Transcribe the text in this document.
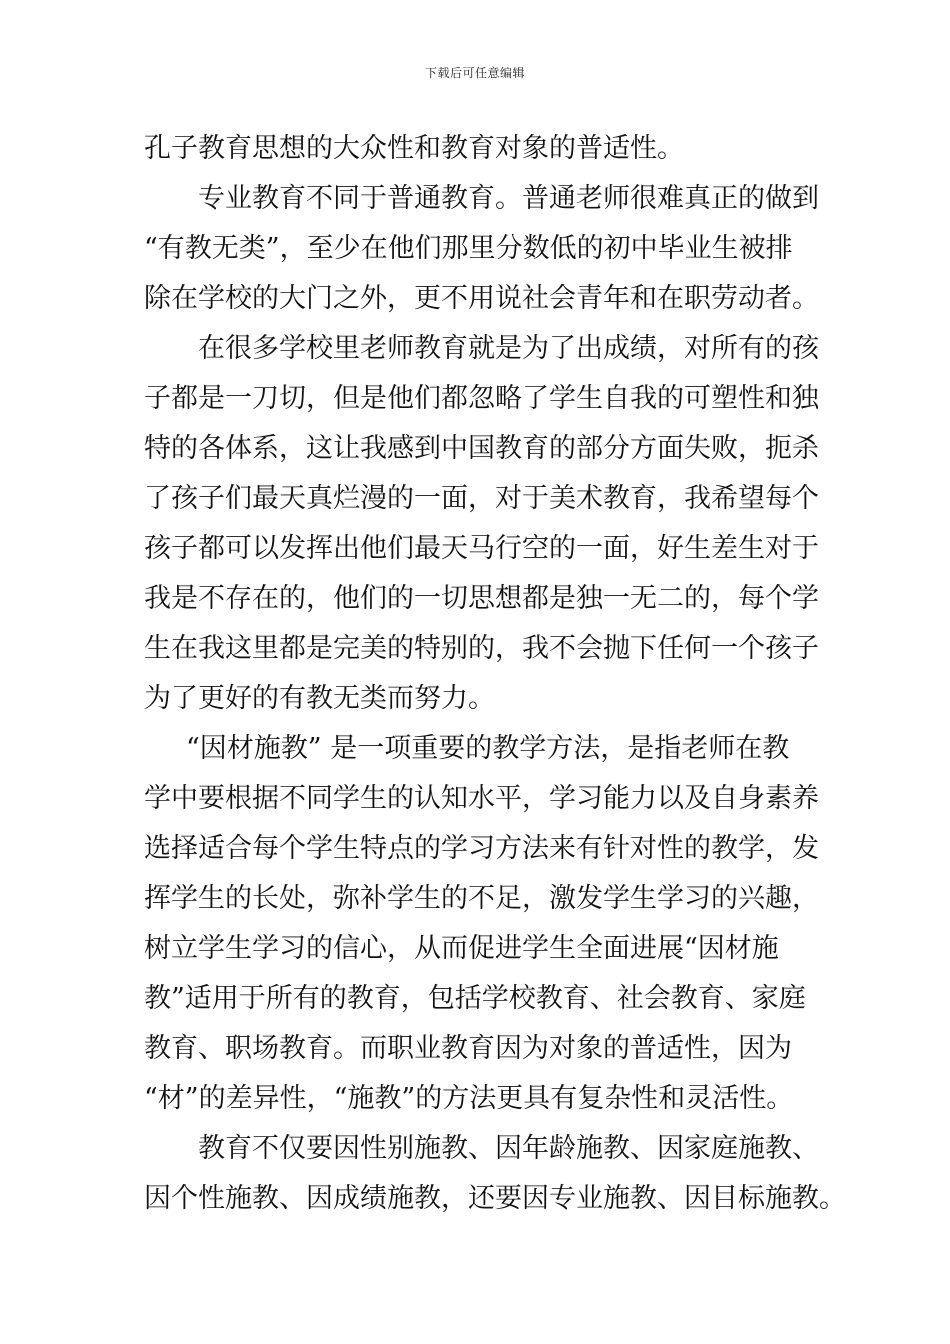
下载后可任意编辑
孔子教育思想的大众性和教育对象的普适性。
专业教育不同于普通教育。普通老师很难真正的做到
“有教无类”，至少在他们那里分数低的初中毕业生被排
除在学校的大门之外，更不用说社会青年和在职劳动者。
在很多学校里老师教育就是为了出成绩，对所有的孩
子都是一刀切，但是他们都忽略了学生自我的可塑性和独
特的各体系，这让我感到中国教育的部分方面失败，扼杀
了孩子们最天真烂漫的一面，对于美术教育，我希望每个
孩子都可以发挥出他们最天马行空的一面，好生差生对于
我是不存在的，他们的一切思想都是独一无二的，每个学
生在我这里都是完美的特别的，我不会抛下任何一个孩子
为了更好的有教无类而努力。
“因材施教” 是一项重要的教学方法，是指老师在教
学中要根据不同学生的认知水平，学习能力以及自身素养
选择适合每个学生特点的学习方法来有针对性的教学，发
挥学生的长处，弥补学生的不足，激发学生学习的兴趣，
树立学生学习的信心，从而促进学生全面进展“因材施
教”适用于所有的教育，包括学校教育、社会教育、家庭
教育、职场教育。而职业教育因为对象的普适性，因为
“材”的差异性，“施教”的方法更具有复杂性和灵活性。
教育不仅要因性别施教、因年龄施教、因家庭施教、
因个性施教、因成绩施教，还要因专业施教、因目标施教。
